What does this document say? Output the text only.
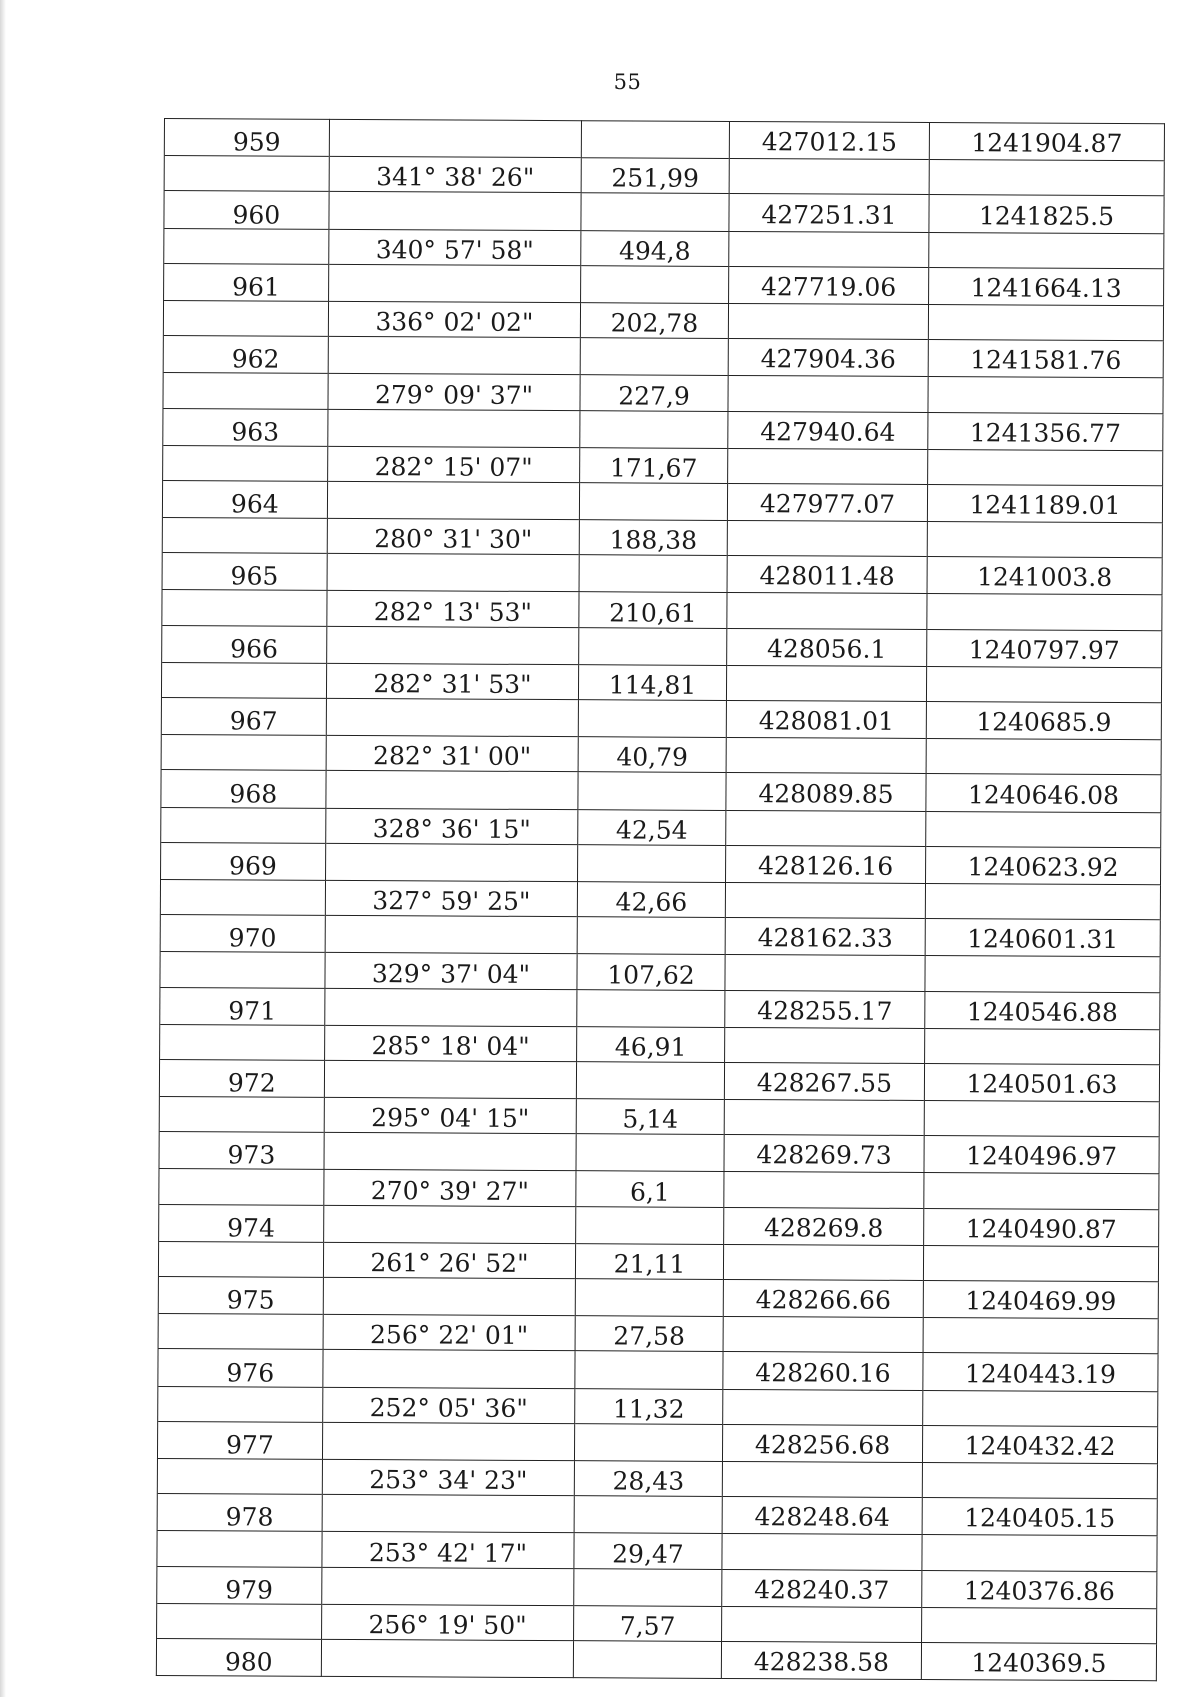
55
959			427012.15	1241904.87
	341° 38' 26"	251,99		
960			427251.31	1241825.5
	340° 57' 58"	494,8		
961			427719.06	1241664.13
	336° 02' 02"	202,78		
962			427904.36	1241581.76
	279° 09' 37"	227,9		
963			427940.64	1241356.77
	282° 15' 07"	171,67		
964			427977.07	1241189.01
	280° 31' 30"	188,38		
965			428011.48	1241003.8
	282° 13' 53"	210,61		
966			428056.1	1240797.97
	282° 31' 53"	114,81		
967			428081.01	1240685.9
	282° 31' 00"	40,79		
968			428089.85	1240646.08
	328° 36' 15"	42,54		
969			428126.16	1240623.92
	327° 59' 25"	42,66		
970			428162.33	1240601.31
	329° 37' 04"	107,62		
971			428255.17	1240546.88
	285° 18' 04"	46,91		
972			428267.55	1240501.63
	295° 04' 15"	5,14		
973			428269.73	1240496.97
	270° 39' 27"	6,1		
974			428269.8	1240490.87
	261° 26' 52"	21,11		
975			428266.66	1240469.99
	256° 22' 01"	27,58		
976			428260.16	1240443.19
	252° 05' 36"	11,32		
977			428256.68	1240432.42
	253° 34' 23"	28,43		
978			428248.64	1240405.15
	253° 42' 17"	29,47		
979			428240.37	1240376.86
	256° 19' 50"	7,57		
980			428238.58	1240369.5
